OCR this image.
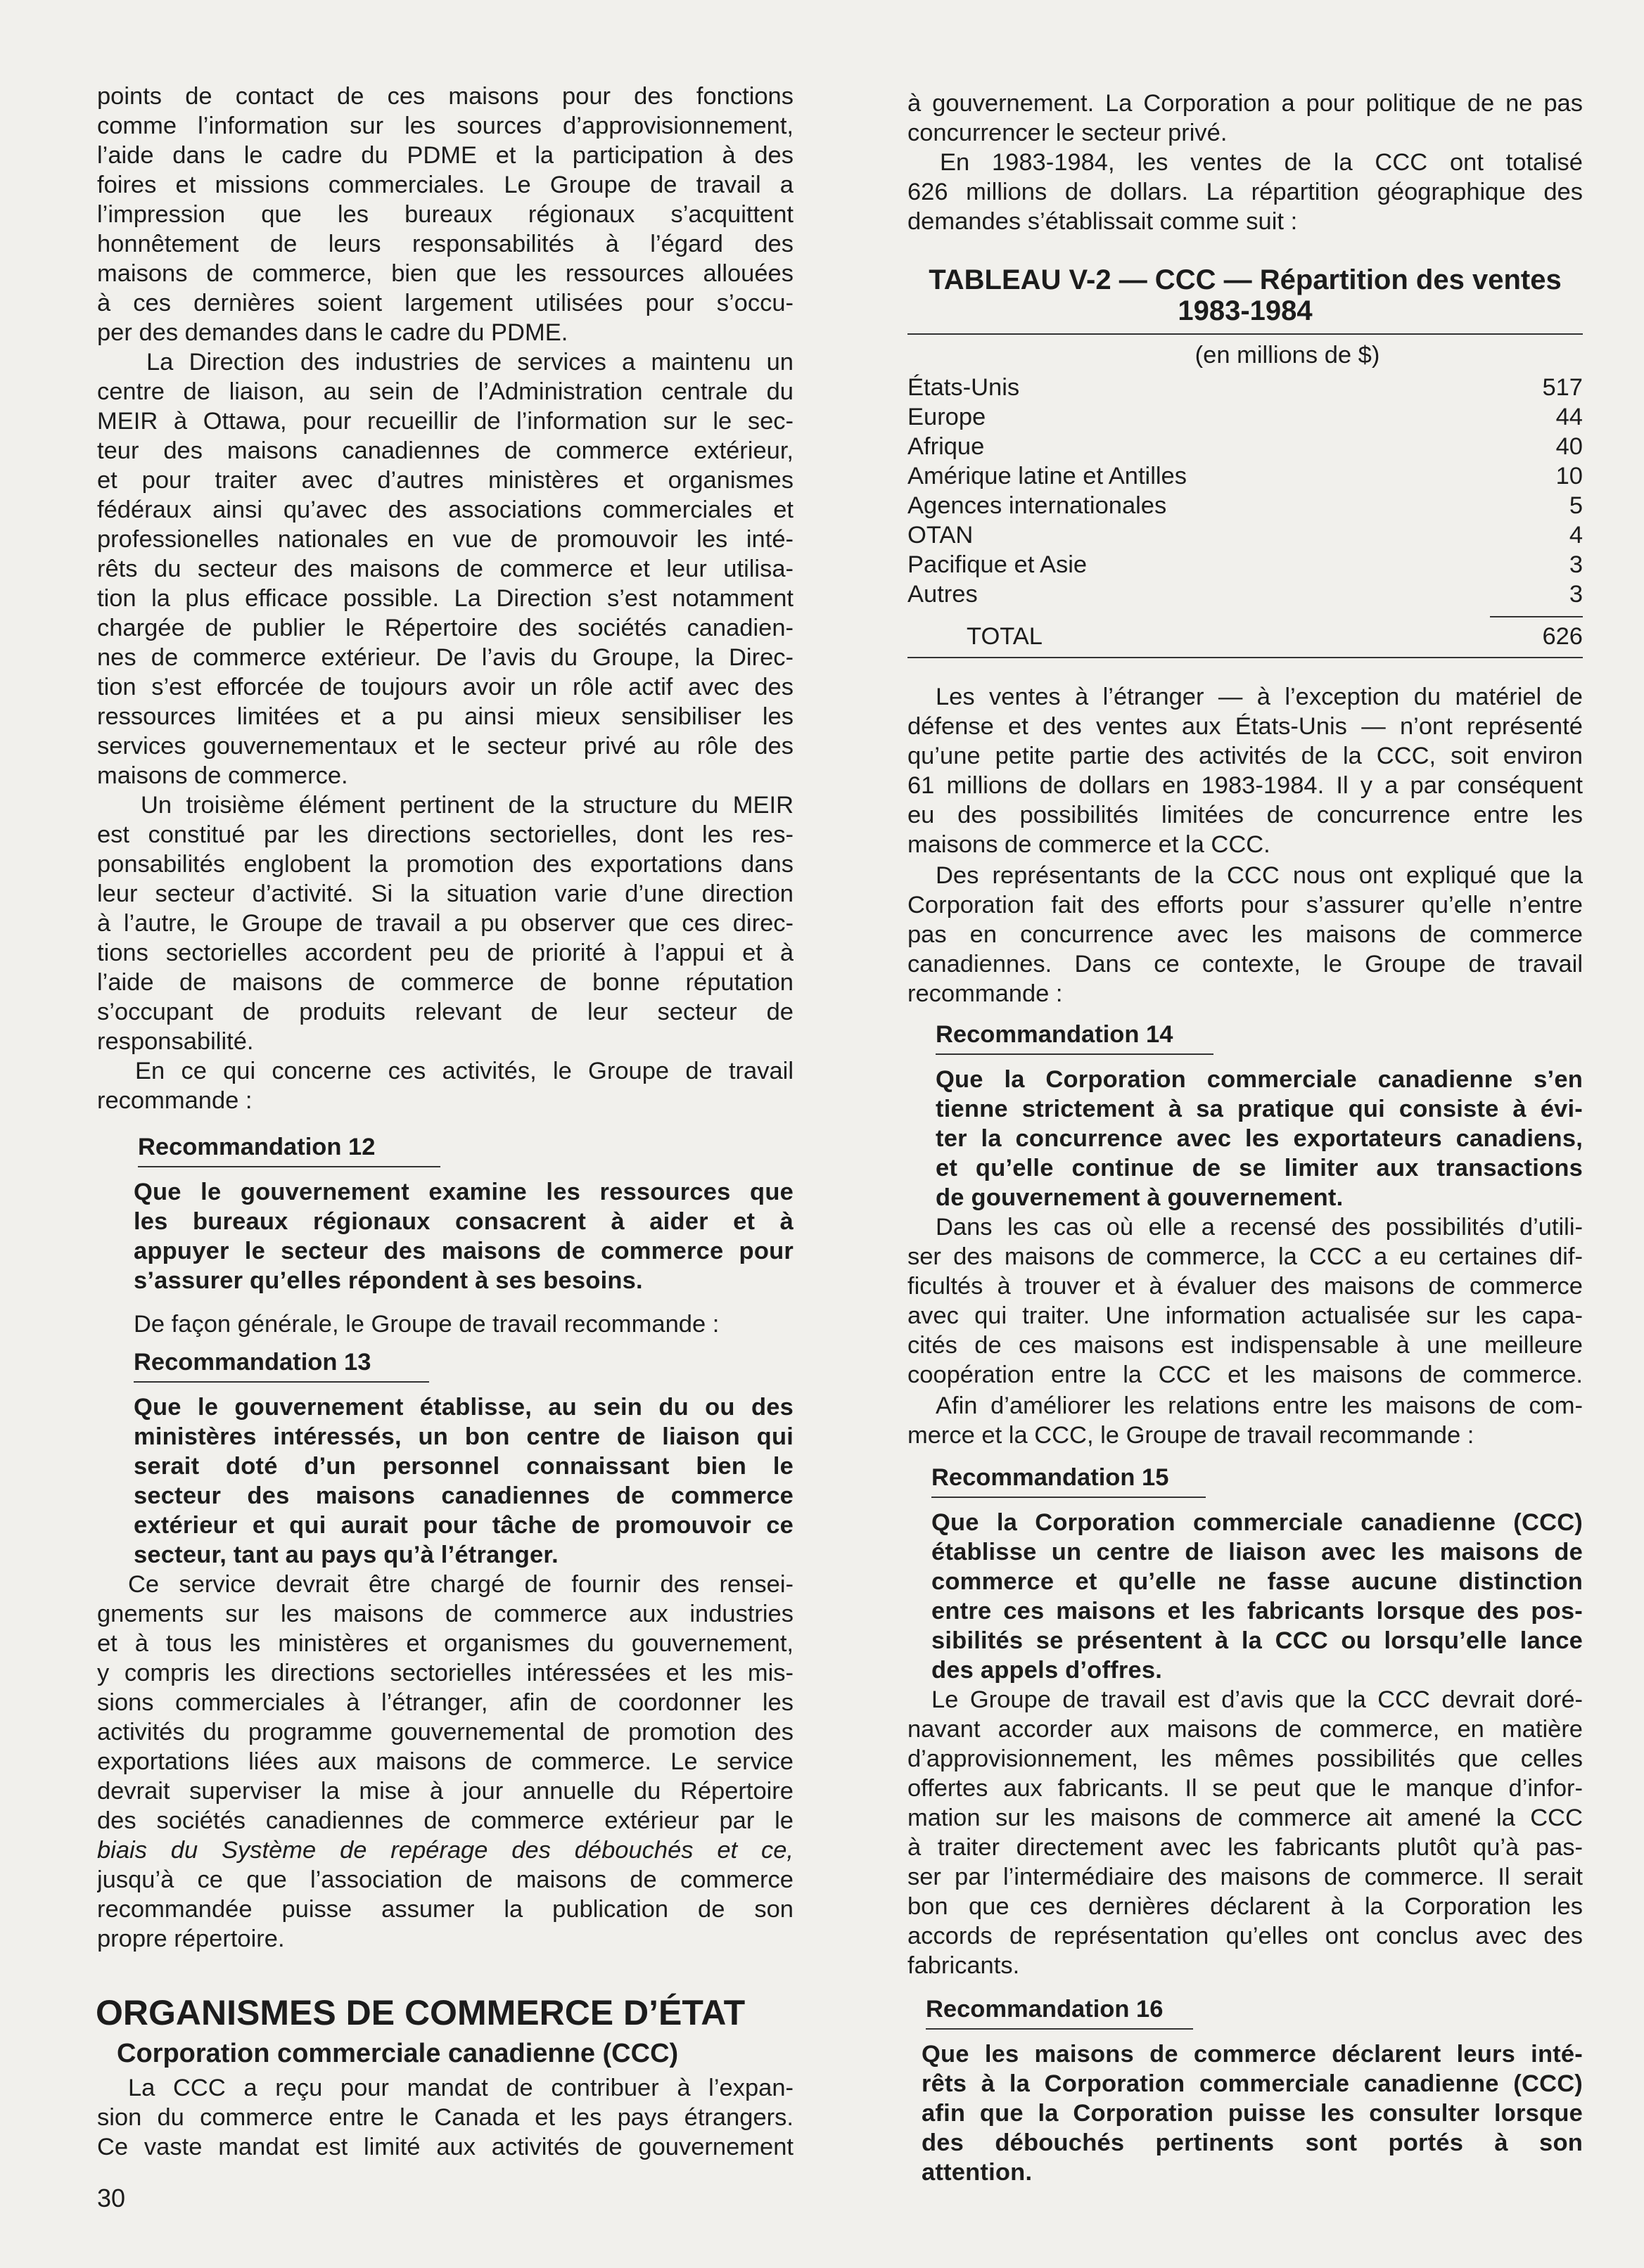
points de contact de ces maisons pour des fonctions
comme l’information sur les sources d’approvisionnement,
l’aide dans le cadre du PDME et la participation à des
foires et missions commerciales. Le Groupe de travail a
l’impression que les bureaux régionaux s’acquittent
honnêtement de leurs responsabilités à l’égard des
maisons de commerce, bien que les ressources allouées
à ces dernières soient largement utilisées pour s’occu-
per des demandes dans le cadre du PDME.
La Direction des industries de services a maintenu un
centre de liaison, au sein de l’Administration centrale du
MEIR à Ottawa, pour recueillir de l’information sur le sec-
teur des maisons canadiennes de commerce extérieur,
et pour traiter avec d’autres ministères et organismes
fédéraux ainsi qu’avec des associations commerciales et
professionelles nationales en vue de promouvoir les inté-
rêts du secteur des maisons de commerce et leur utilisa-
tion la plus efficace possible. La Direction s’est notamment
chargée de publier le Répertoire des sociétés canadien-
nes de commerce extérieur. De l’avis du Groupe, la Direc-
tion s’est efforcée de toujours avoir un rôle actif avec des
ressources limitées et a pu ainsi mieux sensibiliser les
services gouvernementaux et le secteur privé au rôle des
maisons de commerce.
Un troisième élément pertinent de la structure du MEIR
est constitué par les directions sectorielles, dont les res-
ponsabilités englobent la promotion des exportations dans
leur secteur d’activité. Si la situation varie d’une direction
à l’autre, le Groupe de travail a pu observer que ces direc-
tions sectorielles accordent peu de priorité à l’appui et à
l’aide de maisons de commerce de bonne réputation
s’occupant de produits relevant de leur secteur de
responsabilité.
En ce qui concerne ces activités, le Groupe de travail
recommande :
Recommandation 12
Que le gouvernement examine les ressources que
les bureaux régionaux consacrent à aider et à
appuyer le secteur des maisons de commerce pour
s’assurer qu’elles répondent à ses besoins.
De façon générale, le Groupe de travail recommande :
Recommandation 13
Que le gouvernement établisse, au sein du ou des
ministères intéressés, un bon centre de liaison qui
serait doté d’un personnel connaissant bien le
secteur des maisons canadiennes de commerce
extérieur et qui aurait pour tâche de promouvoir ce
secteur, tant au pays qu’à l’étranger.
Ce service devrait être chargé de fournir des rensei-
gnements sur les maisons de commerce aux industries
et à tous les ministères et organismes du gouvernement,
y compris les directions sectorielles intéressées et les mis-
sions commerciales à l’étranger, afin de coordonner les
activités du programme gouvernemental de promotion des
exportations liées aux maisons de commerce. Le service
devrait superviser la mise à jour annuelle du Répertoire
des sociétés canadiennes de commerce extérieur par le
biais du Système de repérage des débouchés et ce,
jusqu’à ce que l’association de maisons de commerce
recommandée puisse assumer la publication de son
propre répertoire.
ORGANISMES DE COMMERCE D’ÉTAT
Corporation commerciale canadienne (CCC)
La CCC a reçu pour mandat de contribuer à l’expan-
sion du commerce entre le Canada et les pays étrangers.
Ce vaste mandat est limité aux activités de gouvernement
à gouvernement. La Corporation a pour politique de ne pas
concurrencer le secteur privé.
En 1983-1984, les ventes de la CCC ont totalisé
626 millions de dollars. La répartition géographique des
demandes s’établissait comme suit :
TABLEAU V-2 — CCC — Répartition des ventes
1983-1984
(en millions de $)
États-Unis	517
Europe	44
Afrique	40
Amérique latine et Antilles	10
Agences internationales	5
OTAN	4
Pacifique et Asie	3
Autres	3
TOTAL	626
Les ventes à l’étranger — à l’exception du matériel de
défense et des ventes aux États-Unis — n’ont représenté
qu’une petite partie des activités de la CCC, soit environ
61 millions de dollars en 1983-1984. Il y a par conséquent
eu des possibilités limitées de concurrence entre les
maisons de commerce et la CCC.
Des représentants de la CCC nous ont expliqué que la
Corporation fait des efforts pour s’assurer qu’elle n’entre
pas en concurrence avec les maisons de commerce
canadiennes. Dans ce contexte, le Groupe de travail
recommande :
Recommandation 14
Que la Corporation commerciale canadienne s’en
tienne strictement à sa pratique qui consiste à évi-
ter la concurrence avec les exportateurs canadiens,
et qu’elle continue de se limiter aux transactions
de gouvernement à gouvernement.
Dans les cas où elle a recensé des possibilités d’utili-
ser des maisons de commerce, la CCC a eu certaines dif-
ficultés à trouver et à évaluer des maisons de commerce
avec qui traiter. Une information actualisée sur les capa-
cités de ces maisons est indispensable à une meilleure
coopération entre la CCC et les maisons de commerce.
Afin d’améliorer les relations entre les maisons de com-
merce et la CCC, le Groupe de travail recommande :
Recommandation 15
Que la Corporation commerciale canadienne (CCC)
établisse un centre de liaison avec les maisons de
commerce et qu’elle ne fasse aucune distinction
entre ces maisons et les fabricants lorsque des pos-
sibilités se présentent à la CCC ou lorsqu’elle lance
des appels d’offres.
Le Groupe de travail est d’avis que la CCC devrait doré-
navant accorder aux maisons de commerce, en matière
d’approvisionnement, les mêmes possibilités que celles
offertes aux fabricants. Il se peut que le manque d’infor-
mation sur les maisons de commerce ait amené la CCC
à traiter directement avec les fabricants plutôt qu’à pas-
ser par l’intermédiaire des maisons de commerce. Il serait
bon que ces dernières déclarent à la Corporation les
accords de représentation qu’elles ont conclus avec des
fabricants.
Recommandation 16
Que les maisons de commerce déclarent leurs inté-
rêts à la Corporation commerciale canadienne (CCC)
afin que la Corporation puisse les consulter lorsque
des débouchés pertinents sont portés à son
attention.
30
